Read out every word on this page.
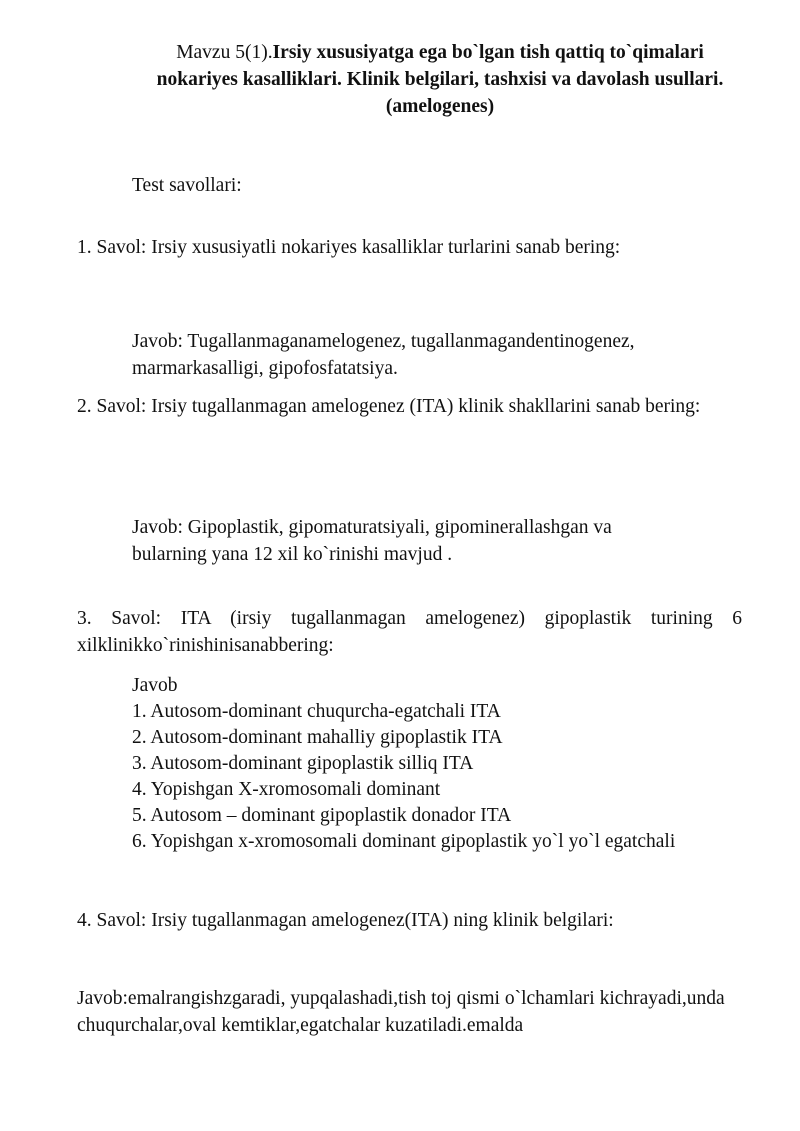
Mavzu 5(1).Irsiy xususiyatga ega bo`lgan tish qattiq to`qimalari nokariyes kasalliklari. Klinik belgilari, tashxisi va davolash usullari.(amelogenes)
Test savollari:
1. Savol: Irsiy xususiyatli nokariyes kasalliklar turlarini sanab bering:
Javob: Tugallanmaganamelogenez, tugallanmagandentinogenez, marmarkasalligi, gipofosfatatsiya.
2. Savol: Irsiy tugallanmagan amelogenez (ITA) klinik shakllarini sanab bering:
Javob: Gipoplastik, gipomaturatsiyali, gipominerallashgan va bularning yana 12 xil ko`rinishi mavjud .
3. Savol: ITA (irsiy tugallanmagan amelogenez) gipoplastik turining 6 xilklinikko`rinishinisanabbering:
Javob
1. Autosom-dominant chuqurcha-egatchali ITA
2. Autosom-dominant mahalliy gipoplastik ITA
3. Autosom-dominant gipoplastik silliq ITA
4. Yopishgan X-xromosomali dominant
5. Autosom – dominant gipoplastik donador ITA
6. Yopishgan x-xromosomali dominant gipoplastik yo`l yo`l egatchali
4. Savol: Irsiy tugallanmagan amelogenez(ITA) ning klinik belgilari:
Javob:emalrangishzgaradi, yupqalashadi,tish toj qismi o`lchamlari kichrayadi,unda chuqurchalar,oval kemtiklar,egatchalar kuzatiladi.emalda
